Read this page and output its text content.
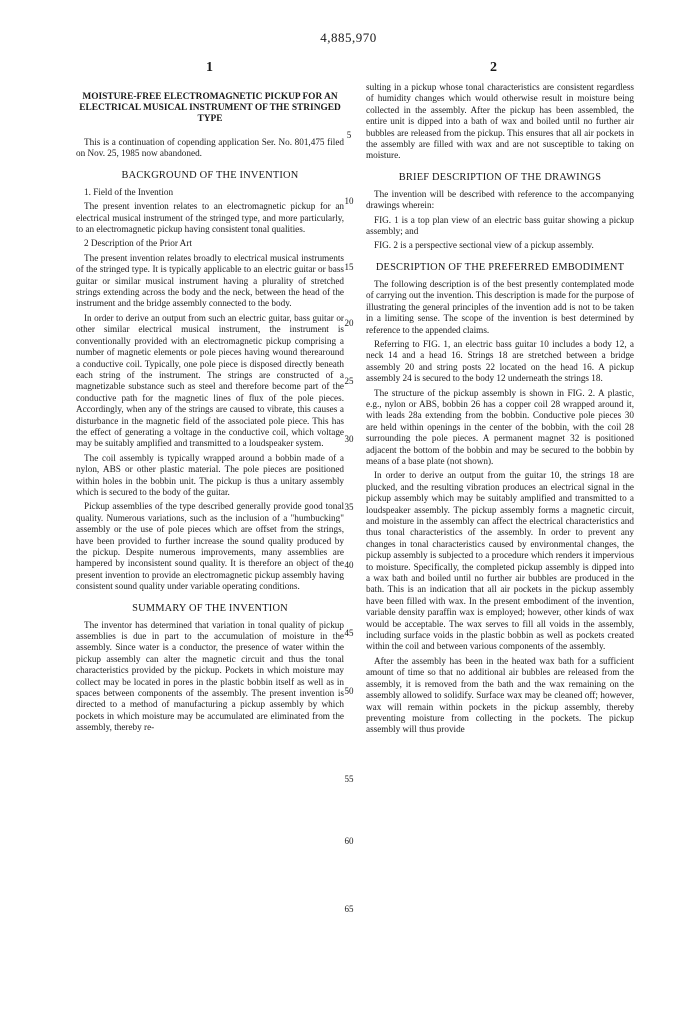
4,885,970
1	2
5
10
15
20
25
30
35
40
45
50
55
60
65

MOISTURE-FREE ELECTROMAGNETIC PICKUP FOR AN ELECTRICAL MUSICAL INSTRUMENT OF THE STRINGED TYPE

This is a continuation of copending application Ser. No. 801,475 filed on Nov. 25, 1985 now abandoned.

BACKGROUND OF THE INVENTION

1. Field of the Invention

The present invention relates to an electromagnetic pickup for an electrical musical instrument of the stringed type, and more particularly, to an electromagnetic pickup having consistent tonal qualities.

2 Description of the Prior Art

The present invention relates broadly to electrical musical instruments of the stringed type. It is typically applicable to an electric guitar or bass guitar or similar musical instrument having a plurality of stretched strings extending across the body and the neck, between the head of the instrument and the bridge assembly connected to the body.

In order to derive an output from such an electric guitar, bass guitar or other similar electrical musical instrument, the instrument is conventionally provided with an electromagnetic pickup comprising a number of magnetic elements or pole pieces having wound therearound a conductive coil. Typically, one pole piece is disposed directly beneath each string of the instrument. The strings are constructed of a magnetizable substance such as steel and therefore become part of the conductive path for the magnetic lines of flux of the pole pieces. Accordingly, when any of the strings are caused to vibrate, this causes a disturbance in the magnetic field of the associated pole piece. This has the effect of generating a voltage in the conductive coil, which voltage may be suitably amplified and transmitted to a loudspeaker system.

The coil assembly is typically wrapped around a bobbin made of a nylon, ABS or other plastic material. The pole pieces are positioned within holes in the bobbin unit. The pickup is thus a unitary assembly which is secured to the body of the guitar.

Pickup assemblies of the type described generally provide good tonal quality. Numerous variations, such as the inclusion of a "humbucking" assembly or the use of pole pieces which are offset from the strings, have been provided to further increase the sound quality produced by the pickup. Despite numerous improvements, many assemblies are hampered by inconsistent sound quality. It is therefore an object of the present invention to provide an electromagnetic pickup assembly having consistent sound quality under variable operating conditions.

SUMMARY OF THE INVENTION

The inventor has determined that variation in tonal quality of pickup assemblies is due in part to the accumulation of moisture in the assembly. Since water is a conductor, the presence of water within the pickup assembly can alter the magnetic circuit and thus the tonal characteristics provided by the pickup. Pockets in which moisture may collect may be located in pores in the plastic bobbin itself as well as in spaces between components of the assembly. The present invention is directed to a method of manufacturing a pickup assembly by which pockets in which moisture may be accumulated are eliminated from the assembly, thereby re-

sulting in a pickup whose tonal characteristics are consistent regardless of humidity changes which would otherwise result in moisture being collected in the assembly. After the pickup has been assembled, the entire unit is dipped into a bath of wax and boiled until no further air bubbles are released from the pickup. This ensures that all air pockets in the assembly are filled with wax and are not susceptible to taking on moisture.

BRIEF DESCRIPTION OF THE DRAWINGS

The invention will be described with reference to the accompanying drawings wherein:

FIG. 1 is a top plan view of an electric bass guitar showing a pickup assembly; and

FIG. 2 is a perspective sectional view of a pickup assembly.

DESCRIPTION OF THE PREFERRED EMBODIMENT

The following description is of the best presently contemplated mode of carrying out the invention. This description is made for the purpose of illustrating the general principles of the invention add is not to be taken in a limiting sense. The scope of the invention is best determined by reference to the appended claims.

Referring to FIG. 1, an electric bass guitar 10 includes a body 12, a neck 14 and a head 16. Strings 18 are stretched between a bridge assembly 20 and string posts 22 located on the head 16. A pickup assembly 24 is secured to the body 12 underneath the strings 18.

The structure of the pickup assembly is shown in FIG. 2. A plastic, e.g., nylon or ABS, bobbin 26 has a copper coil 28 wrapped around it, with leads 28a extending from the bobbin. Conductive pole pieces 30 are held within openings in the center of the bobbin, with the coil 28 surrounding the pole pieces. A permanent magnet 32 is positioned adjacent the bottom of the bobbin and may be secured to the bobbin by means of a base plate (not shown).

In order to derive an output from the guitar 10, the strings 18 are plucked, and the resulting vibration produces an electrical signal in the pickup assembly which may be suitably amplified and transmitted to a loudspeaker assembly. The pickup assembly forms a magnetic circuit, and moisture in the assembly can affect the electrical characteristics and thus tonal characteristics of the assembly. In order to prevent any changes in tonal characteristics caused by environmental changes, the pickup assembly is subjected to a procedure which renders it impervious to moisture. Specifically, the completed pickup assembly is dipped into a wax bath and boiled until no further air bubbles are produced in the bath. This is an indication that all air pockets in the pickup assembly have been filled with wax. In the present embodiment of the invention, variable density paraffin wax is employed; however, other kinds of wax would be acceptable. The wax serves to fill all voids in the assembly, including surface voids in the plastic bobbin as well as pockets created within the coil and between various components of the assembly.

After the assembly has been in the heated wax bath for a sufficient amount of time so that no additional air bubbles are released from the assembly, it is removed from the bath and the wax remaining on the assembly allowed to solidify. Surface wax may be cleaned off; however, wax will remain within pockets in the pickup assembly, thereby preventing moisture from collecting in the pockets. The pickup assembly will thus provide
